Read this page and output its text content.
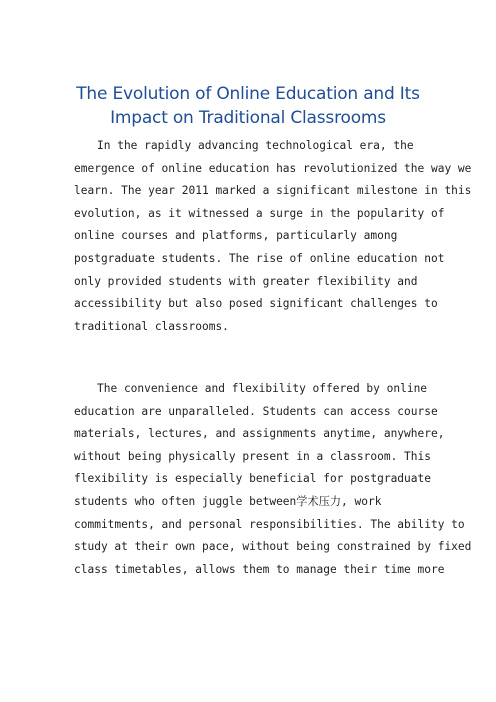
The Evolution of Online Education and Its
Impact on Traditional Classrooms

In the rapidly advancing technological era, the
emergence of online education has revolutionized the way we
learn. The year 2011 marked a significant milestone in this
evolution, as it witnessed a surge in the popularity of
online courses and platforms, particularly among
postgraduate students. The rise of online education not
only provided students with greater flexibility and
accessibility but also posed significant challenges to
traditional classrooms.

The convenience and flexibility offered by online
education are unparalleled. Students can access course
materials, lectures, and assignments anytime, anywhere,
without being physically present in a classroom. This
flexibility is especially beneficial for postgraduate
students who often juggle between学术压力, work
commitments, and personal responsibilities. The ability to
study at their own pace, without being constrained by fixed
class timetables, allows them to manage their time more
